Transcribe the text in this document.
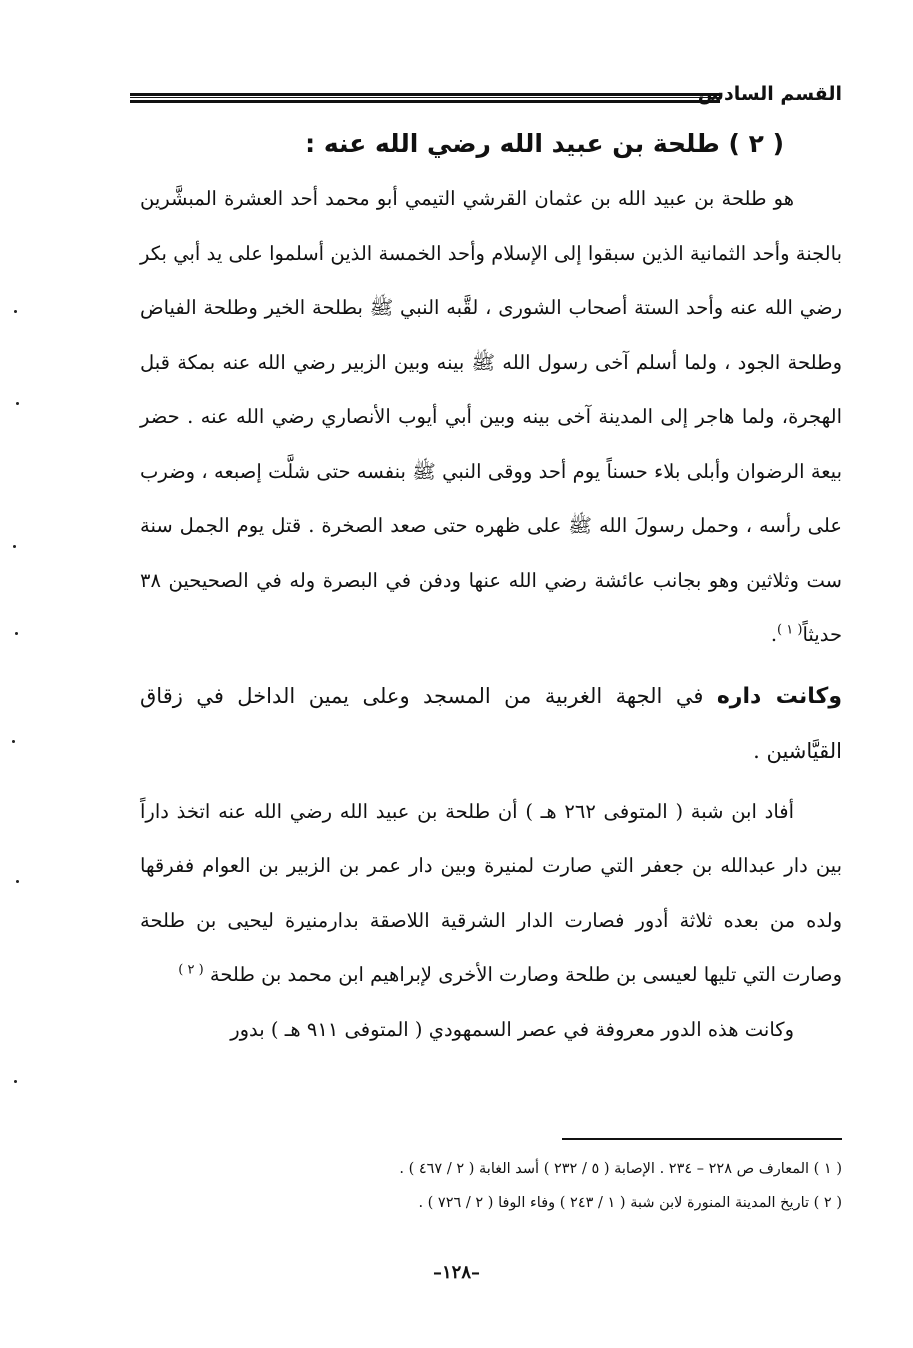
القسم السادس
( ٢ ) طلحة بن عبيد الله رضي الله عنه :

هو طلحة بن عبيد الله بن عثمان القرشي التيمي أبو محمد أحد العشرة المبشَّرين بالجنة وأحد الثمانية الذين سبقوا إلى الإسلام وأحد الخمسة الذين أسلموا على يد أبي بكر رضي الله عنه وأحد الستة أصحاب الشورى ، لقَّبه النبي ﷺ بطلحة الخير وطلحة الفياض وطلحة الجود ، ولما أسلم آخى رسول الله ﷺ بينه وبين الزبير رضي الله عنه بمكة قبل الهجرة، ولما هاجر إلى المدينة آخى بينه وبين أبي أيوب الأنصاري رضي الله عنه . حضر بيعة الرضوان وأبلى بلاء حسناً يوم أحد ووقى النبي ﷺ بنفسه حتى شلَّت إصبعه ، وضرب على رأسه ، وحمل رسولَ الله ﷺ على ظهره حتى صعد الصخرة . قتل يوم الجمل سنة ست وثلاثين وهو بجانب عائشة رضي الله عنها ودفن في البصرة وله في الصحيحين ٣٨ حديثاً$^{( ١ )}$.

وكانت داره في الجهة الغربية من المسجد وعلى يمين الداخل في زقاق القيَّاشين .

أفاد ابن شبة ( المتوفى ٢٦٢ هـ ) أن طلحة بن عبيد الله رضي الله عنه اتخذ داراً بين دار عبدالله بن جعفر التي صارت لمنيرة وبين دار عمر بن الزبير بن العوام ففرقها ولده من بعده ثلاثة أدور فصارت الدار الشرقية اللاصقة بدارمنيرة ليحيى بن طلحة وصارت التي تليها لعيسى بن طلحة وصارت الأخرى لإبراهيم ابن محمد بن طلحة $^{( ٢ )}$

وكانت هذه الدور معروفة في عصر السمهودي ( المتوفى ٩١١ هـ ) بدور

( ١ ) المعارف ص ٢٢٨ – ٢٣٤ . الإصابة ( ٥ / ٢٣٢ ) أسد الغابة ( ٢ / ٤٦٧ ) .

( ٢ ) تاريخ المدينة المنورة لابن شبة ( ١ / ٢٤٣ ) وفاء الوفا ( ٢ / ٧٢٦ ) .

–١٢٨–
